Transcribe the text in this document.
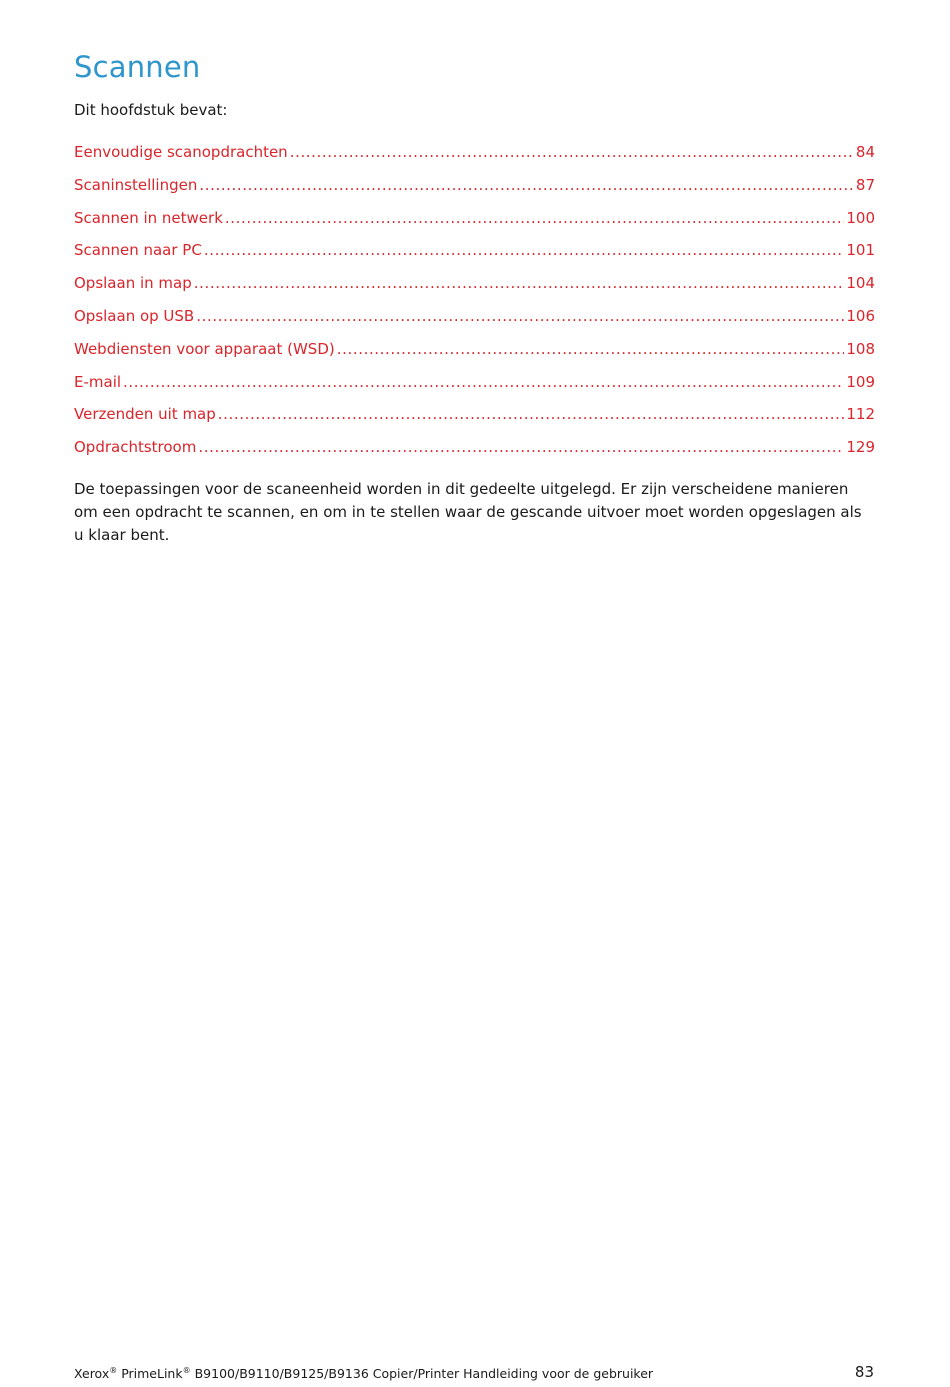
Scannen

Dit hoofdstuk bevat:

Eenvoudige scanopdrachten .....	84
Scaninstellingen .....	87
Scannen in netwerk .....	100
Scannen naar PC .....	101
Opslaan in map .....	104
Opslaan op USB .....	106
Webdiensten voor apparaat (WSD) .....	108
E-mail .....	109
Verzenden uit map .....	112
Opdrachtstroom .....	129

De toepassingen voor de scaneenheid worden in dit gedeelte uitgelegd. Er zijn verscheidene manieren om een opdracht te scannen, en om in te stellen waar de gescande uitvoer moet worden opgeslagen als u klaar bent.

Xerox® PrimeLink® B9100/B9110/B9125/B9136 Copier/Printer Handleiding voor de gebruiker	83
